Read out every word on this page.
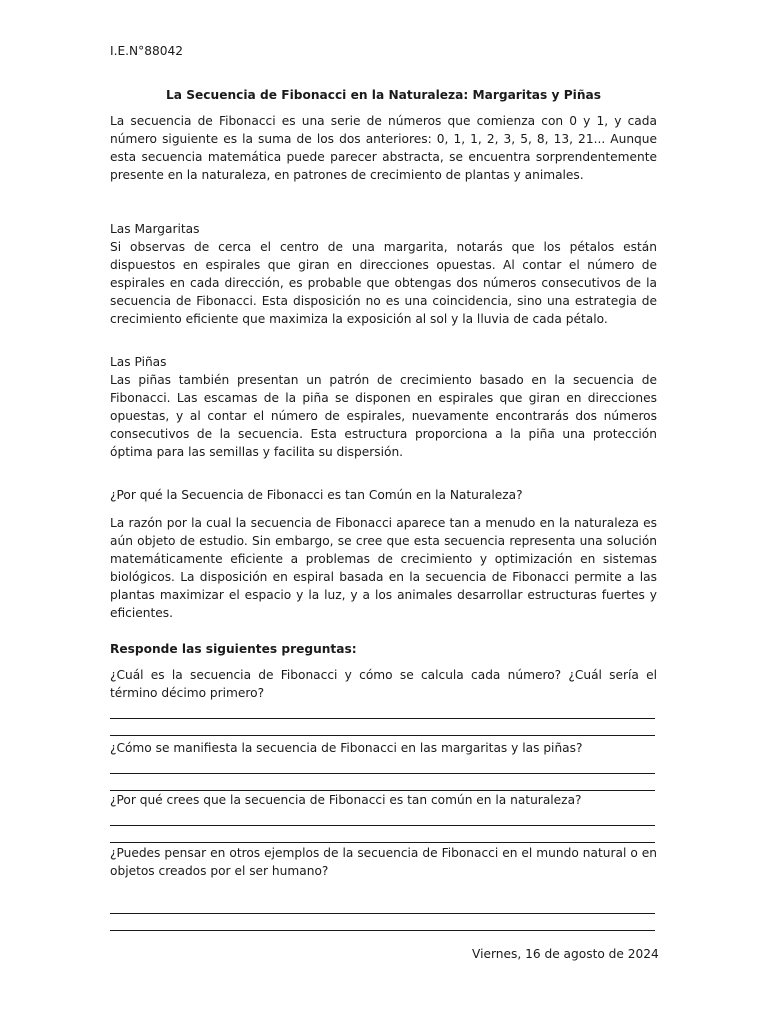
I.E.N°88042

La Secuencia de Fibonacci en la Naturaleza: Margaritas y Piñas

La secuencia de Fibonacci es una serie de números que comienza con 0 y 1, y cada número siguiente es la suma de los dos anteriores: 0, 1, 1, 2, 3, 5, 8, 13, 21... Aunque esta secuencia matemática puede parecer abstracta, se encuentra sorprendentemente presente en la naturaleza, en patrones de crecimiento de plantas y animales.

Las Margaritas
Si observas de cerca el centro de una margarita, notarás que los pétalos están dispuestos en espirales que giran en direcciones opuestas. Al contar el número de espirales en cada dirección, es probable que obtengas dos números consecutivos de la secuencia de Fibonacci. Esta disposición no es una coincidencia, sino una estrategia de crecimiento eficiente que maximiza la exposición al sol y la lluvia de cada pétalo.
Las Piñas
Las piñas también presentan un patrón de crecimiento basado en la secuencia de Fibonacci. Las escamas de la piña se disponen en espirales que giran en direcciones opuestas, y al contar el número de espirales, nuevamente encontrarás dos números consecutivos de la secuencia. Esta estructura proporciona a la piña una protección óptima para las semillas y facilita su dispersión.

¿Por qué la Secuencia de Fibonacci es tan Común en la Naturaleza?

La razón por la cual la secuencia de Fibonacci aparece tan a menudo en la naturaleza es aún objeto de estudio. Sin embargo, se cree que esta secuencia representa una solución matemáticamente eficiente a problemas de crecimiento y optimización en sistemas biológicos. La disposición en espiral basada en la secuencia de Fibonacci permite a las plantas maximizar el espacio y la luz, y a los animales desarrollar estructuras fuertes y eficientes.

Responde las siguientes preguntas:

¿Cuál es la secuencia de Fibonacci y cómo se calcula cada número? ¿Cuál sería el término décimo primero?
¿Cómo se manifiesta la secuencia de Fibonacci en las margaritas y las piñas?
¿Por qué crees que la secuencia de Fibonacci es tan común en la naturaleza?
¿Puedes pensar en otros ejemplos de la secuencia de Fibonacci en el mundo natural o en objetos creados por el ser humano?

Viernes, 16 de agosto de 2024
